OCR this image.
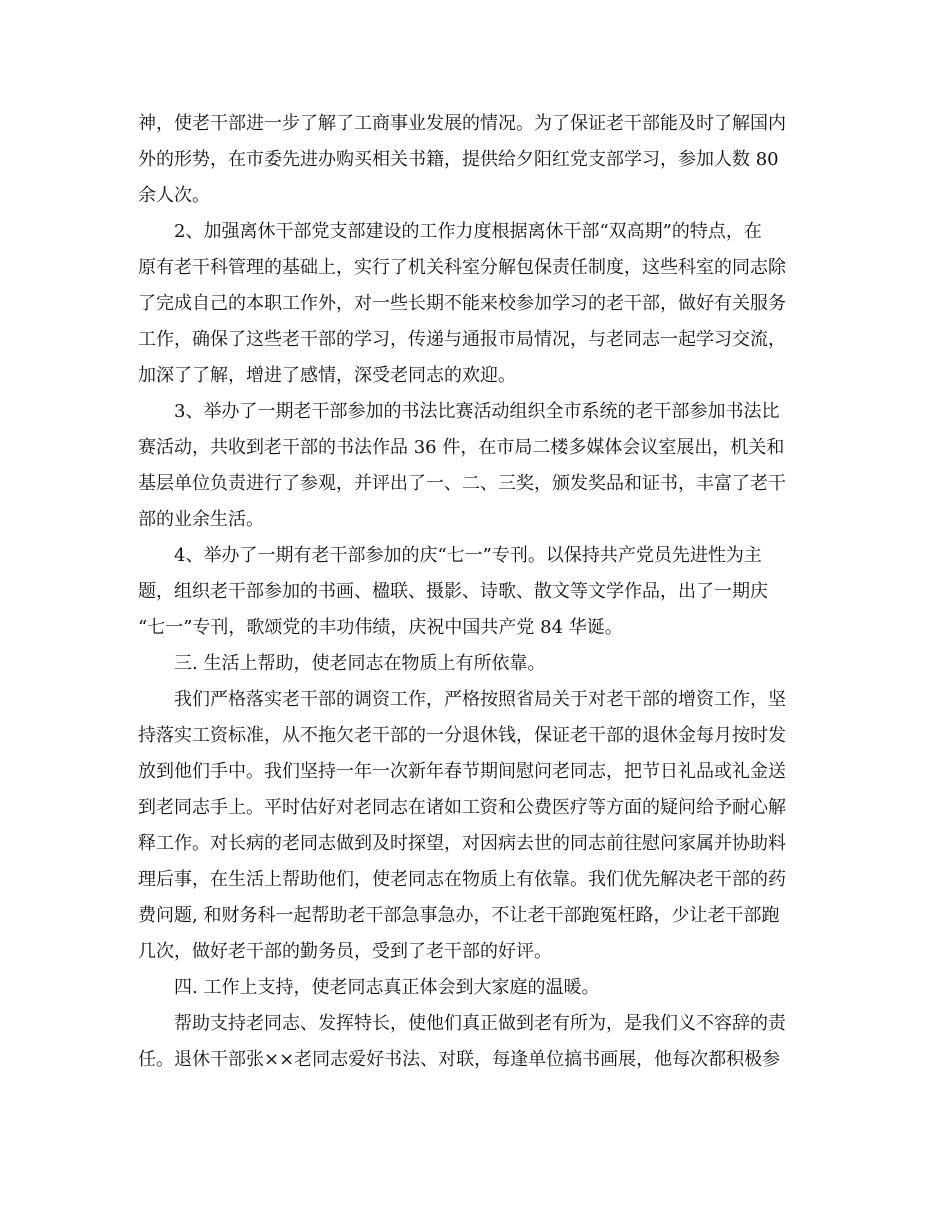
神，使老干部进一步了解了工商事业发展的情况。为了保证老干部能及时了解国内
外的形势，在市委先进办购买相关书籍，提供给夕阳红党支部学习，参加人数 80
余人次。
2、加强离休干部党支部建设的工作力度根据离休干部“双高期”的特点，在
原有老干科管理的基础上，实行了机关科室分解包保责任制度，这些科室的同志除
了完成自己的本职工作外，对一些长期不能来校参加学习的老干部，做好有关服务
工作，确保了这些老干部的学习，传递与通报市局情况，与老同志一起学习交流，
加深了了解，增进了感情，深受老同志的欢迎。
3、举办了一期老干部参加的书法比赛活动组织全市系统的老干部参加书法比
赛活动，共收到老干部的书法作品 36 件，在市局二楼多媒体会议室展出，机关和
基层单位负责进行了参观，并评出了一、二、三奖，颁发奖品和证书，丰富了老干
部的业余生活。
4、举办了一期有老干部参加的庆“七一”专刊。以保持共产党员先进性为主
题，组织老干部参加的书画、楹联、摄影、诗歌、散文等文学作品，出了一期庆
“七一”专刊，歌颂党的丰功伟绩，庆祝中国共产党 84 华诞。
三. 生活上帮助，使老同志在物质上有所依靠。
我们严格落实老干部的调资工作，严格按照省局关于对老干部的增资工作，坚
持落实工资标准，从不拖欠老干部的一分退休钱，保证老干部的退休金每月按时发
放到他们手中。我们坚持一年一次新年春节期间慰问老同志，把节日礼品或礼金送
到老同志手上。平时估好对老同志在诸如工资和公费医疗等方面的疑问给予耐心解
释工作。对长病的老同志做到及时探望，对因病去世的同志前往慰问家属并协助料
理后事，在生活上帮助他们，使老同志在物质上有依靠。我们优先解决老干部的药
费问题, 和财务科一起帮助老干部急事急办，不让老干部跑冤枉路，少让老干部跑
几次，做好老干部的勤务员，受到了老干部的好评。
四. 工作上支持，使老同志真正体会到大家庭的温暖。
帮助支持老同志、发挥特长，使他们真正做到老有所为，是我们义不容辞的责
任。退休干部张××老同志爱好书法、对联，每逢单位搞书画展，他每次都积极参
